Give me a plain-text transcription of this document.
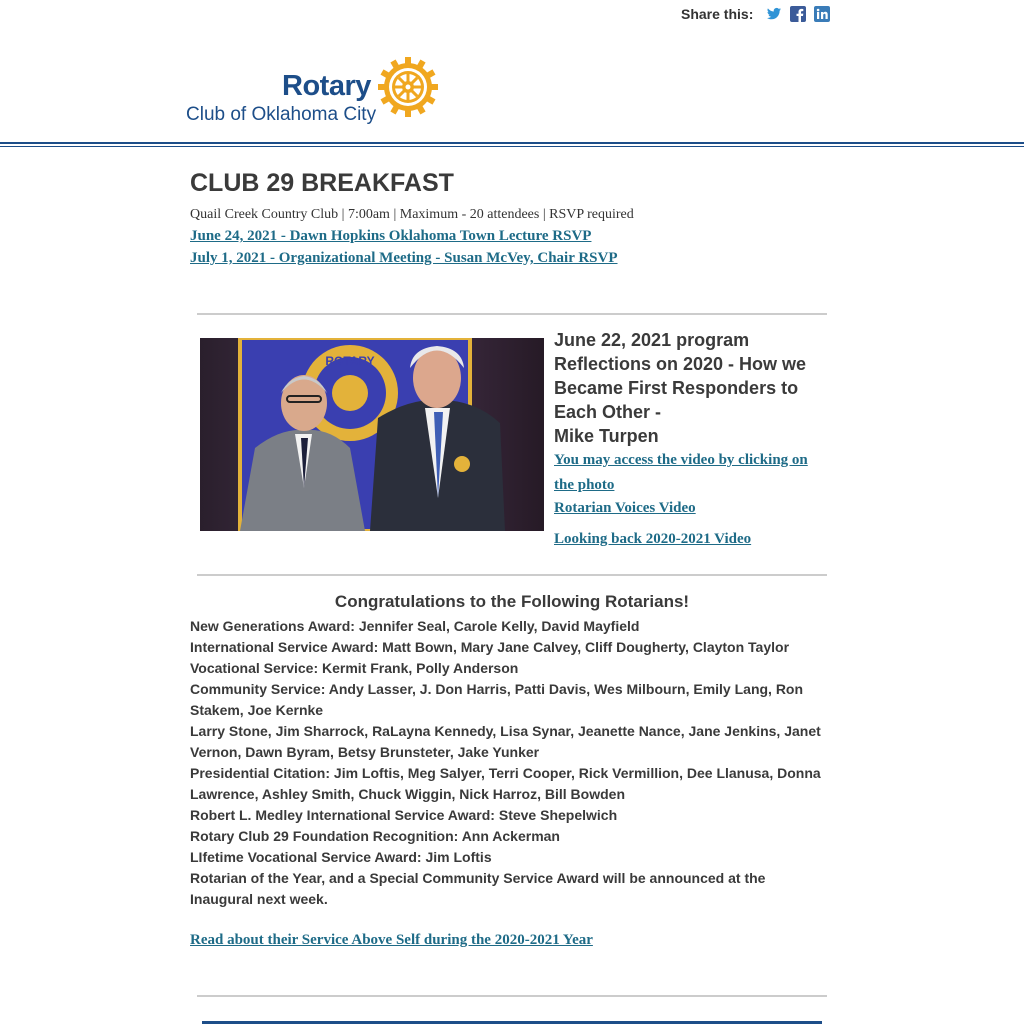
Share this:
Rotary
Club of Oklahoma City
CLUB 29 BREAKFAST
Quail Creek Country Club | 7:00am | Maximum - 20 attendees | RSVP required
June 24, 2021 - Dawn Hopkins Oklahoma Town Lecture RSVP
July 1, 2021 - Organizational Meeting - Susan McVey, Chair RSVP
ROTARY
June 22, 2021 program
Reflections on 2020 - How we
Became First Responders to
Each Other -
Mike Turpen
You may access the video by clicking on the photo
Rotarian Voices Video
Looking back 2020-2021 Video
Congratulations to the Following Rotarians!
New Generations Award: Jennifer Seal, Carole Kelly, David Mayfield
International Service Award: Matt Bown, Mary Jane Calvey, Cliff Dougherty, Clayton Taylor
Vocational Service: Kermit Frank, Polly Anderson
Community Service: Andy Lasser, J. Don Harris, Patti Davis, Wes Milbourn, Emily Lang, Ron Stakem, Joe Kernke
Larry Stone, Jim Sharrock, RaLayna Kennedy, Lisa Synar, Jeanette Nance, Jane Jenkins, Janet Vernon, Dawn Byram, Betsy Brunsteter, Jake Yunker
Presidential Citation: Jim Loftis, Meg Salyer, Terri Cooper, Rick Vermillion, Dee Llanusa, Donna Lawrence, Ashley Smith, Chuck Wiggin, Nick Harroz, Bill Bowden
Robert L. Medley International Service Award: Steve Shepelwich
Rotary Club 29 Foundation Recognition: Ann Ackerman
LIfetime Vocational Service Award: Jim Loftis
Rotarian of the Year, and a Special Community Service Award will be announced at the Inaugural next week.
Read about their Service Above Self during the 2020-2021 Year
